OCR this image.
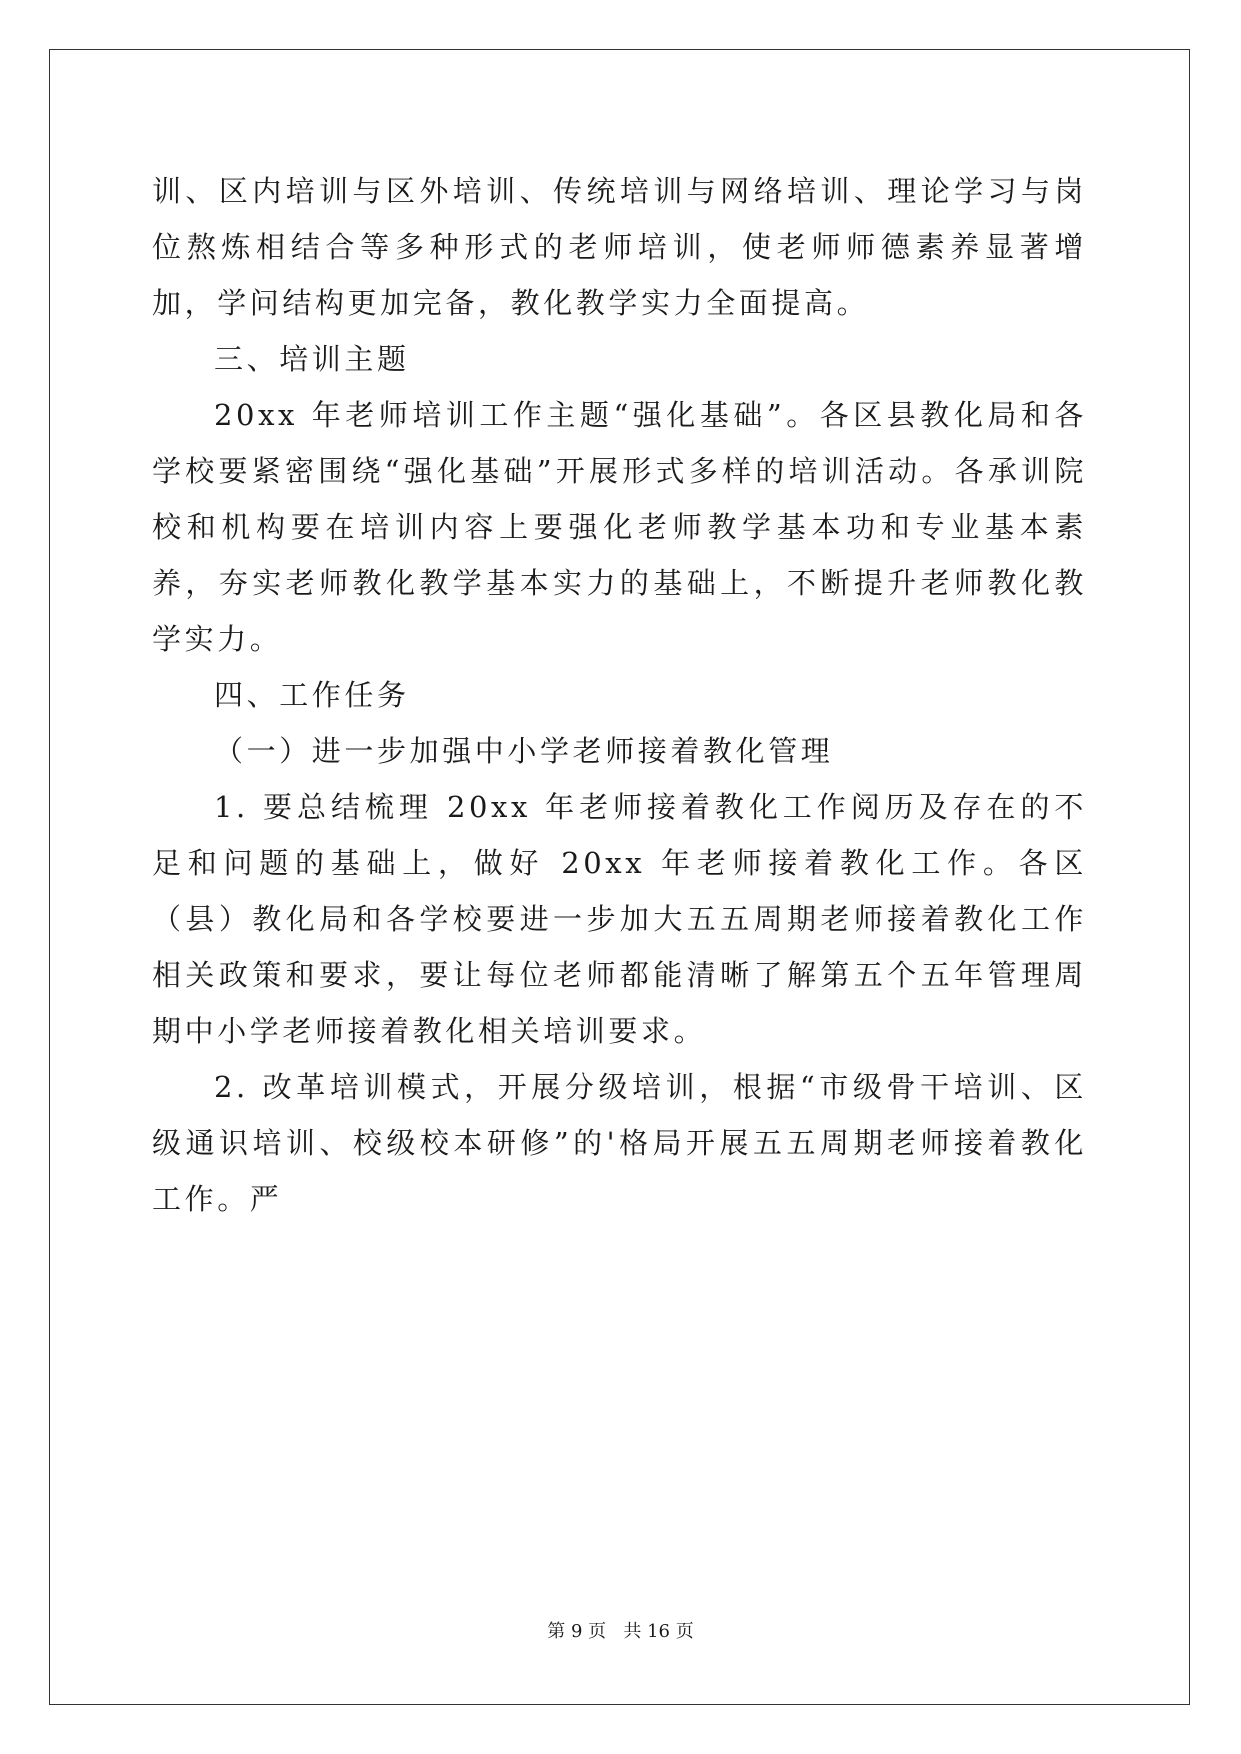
训、区内培训与区外培训、传统培训与网络培训、理论学习与岗位熬炼相结合等多种形式的老师培训，使老师师德素养显著增加，学问结构更加完备，教化教学实力全面提高。

三、培训主题

20xx 年老师培训工作主题“强化基础”。各区县教化局和各学校要紧密围绕“强化基础”开展形式多样的培训活动。各承训院校和机构要在培训内容上要强化老师教学基本功和专业基本素养，夯实老师教化教学基本实力的基础上，不断提升老师教化教学实力。

四、工作任务

（一）进一步加强中小学老师接着教化管理

1. 要总结梳理 20xx 年老师接着教化工作阅历及存在的不足和问题的基础上，做好 20xx 年老师接着教化工作。各区（县）教化局和各学校要进一步加大五五周期老师接着教化工作相关政策和要求，要让每位老师都能清晰了解第五个五年管理周期中小学老师接着教化相关培训要求。

2. 改革培训模式，开展分级培训，根据“市级骨干培训、区级通识培训、校级校本研修”的'格局开展五五周期老师接着教化工作。严

第 9 页 共 16 页
